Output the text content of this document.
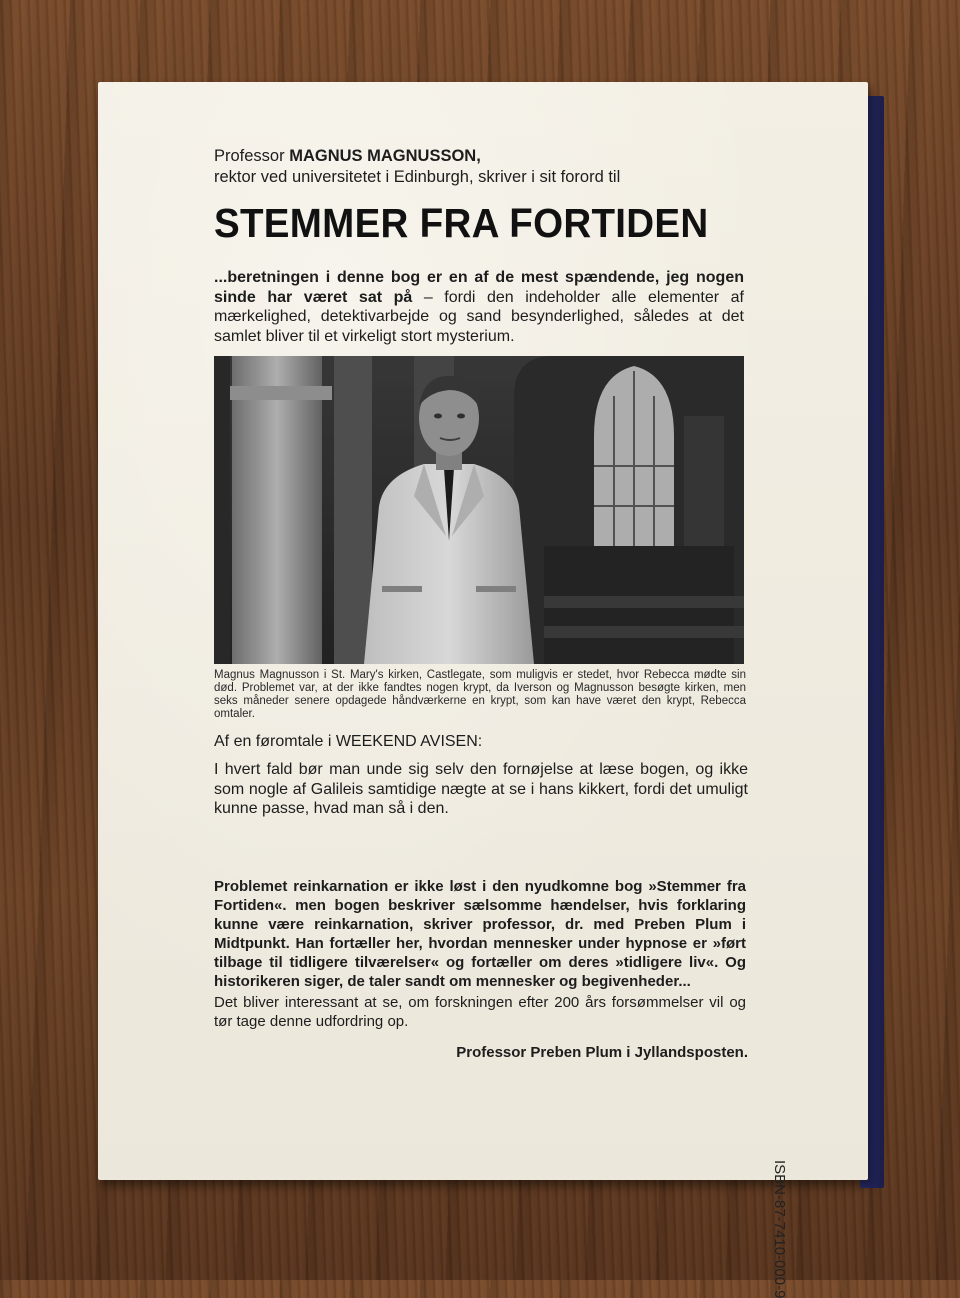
Professor MAGNUS MAGNUSSON,
rektor ved universitetet i Edinburgh, skriver i sit forord til
STEMMER FRA FORTIDEN
...beretningen i denne bog er en af de mest spændende, jeg nogen sinde har været sat på – fordi den indeholder alle elementer af mærkelighed, detektivarbejde og sand besynderlighed, således at det samlet bliver til et virkeligt stort mysterium.
Magnus Magnusson i St. Mary's kirken, Castlegate, som muligvis er stedet, hvor Rebecca mødte sin død. Problemet var, at der ikke fandtes nogen krypt, da Iverson og Magnusson besøgte kirken, men seks måneder senere opdagede håndværkerne en krypt, som kan have været den krypt, Rebecca omtaler.
Af en føromtale i WEEKEND AVISEN:
I hvert fald bør man unde sig selv den fornøjelse at læse bogen, og ikke som nogle af Galileis samtidige nægte at se i hans kikkert, fordi det umuligt kunne passe, hvad man så i den.
Problemet reinkarnation er ikke løst i den nyudkomne bog »Stemmer fra Fortiden«. men bogen beskriver sælsomme hændelser, hvis forklaring kunne være reinkarnation, skriver professor, dr. med Preben Plum i Midtpunkt. Han fortæller her, hvordan mennesker under hypnose er »ført tilbage til tidligere tilværelser« og fortæller om deres »tidligere liv«. Og historikeren siger, de taler sandt om mennesker og begivenheder...
Det bliver interessant at se, om forskningen efter 200 års forsømmelser vil og tør tage denne udfordring op.
Professor Preben Plum i Jyllandsposten.
ISBN-87-7410-000-9
